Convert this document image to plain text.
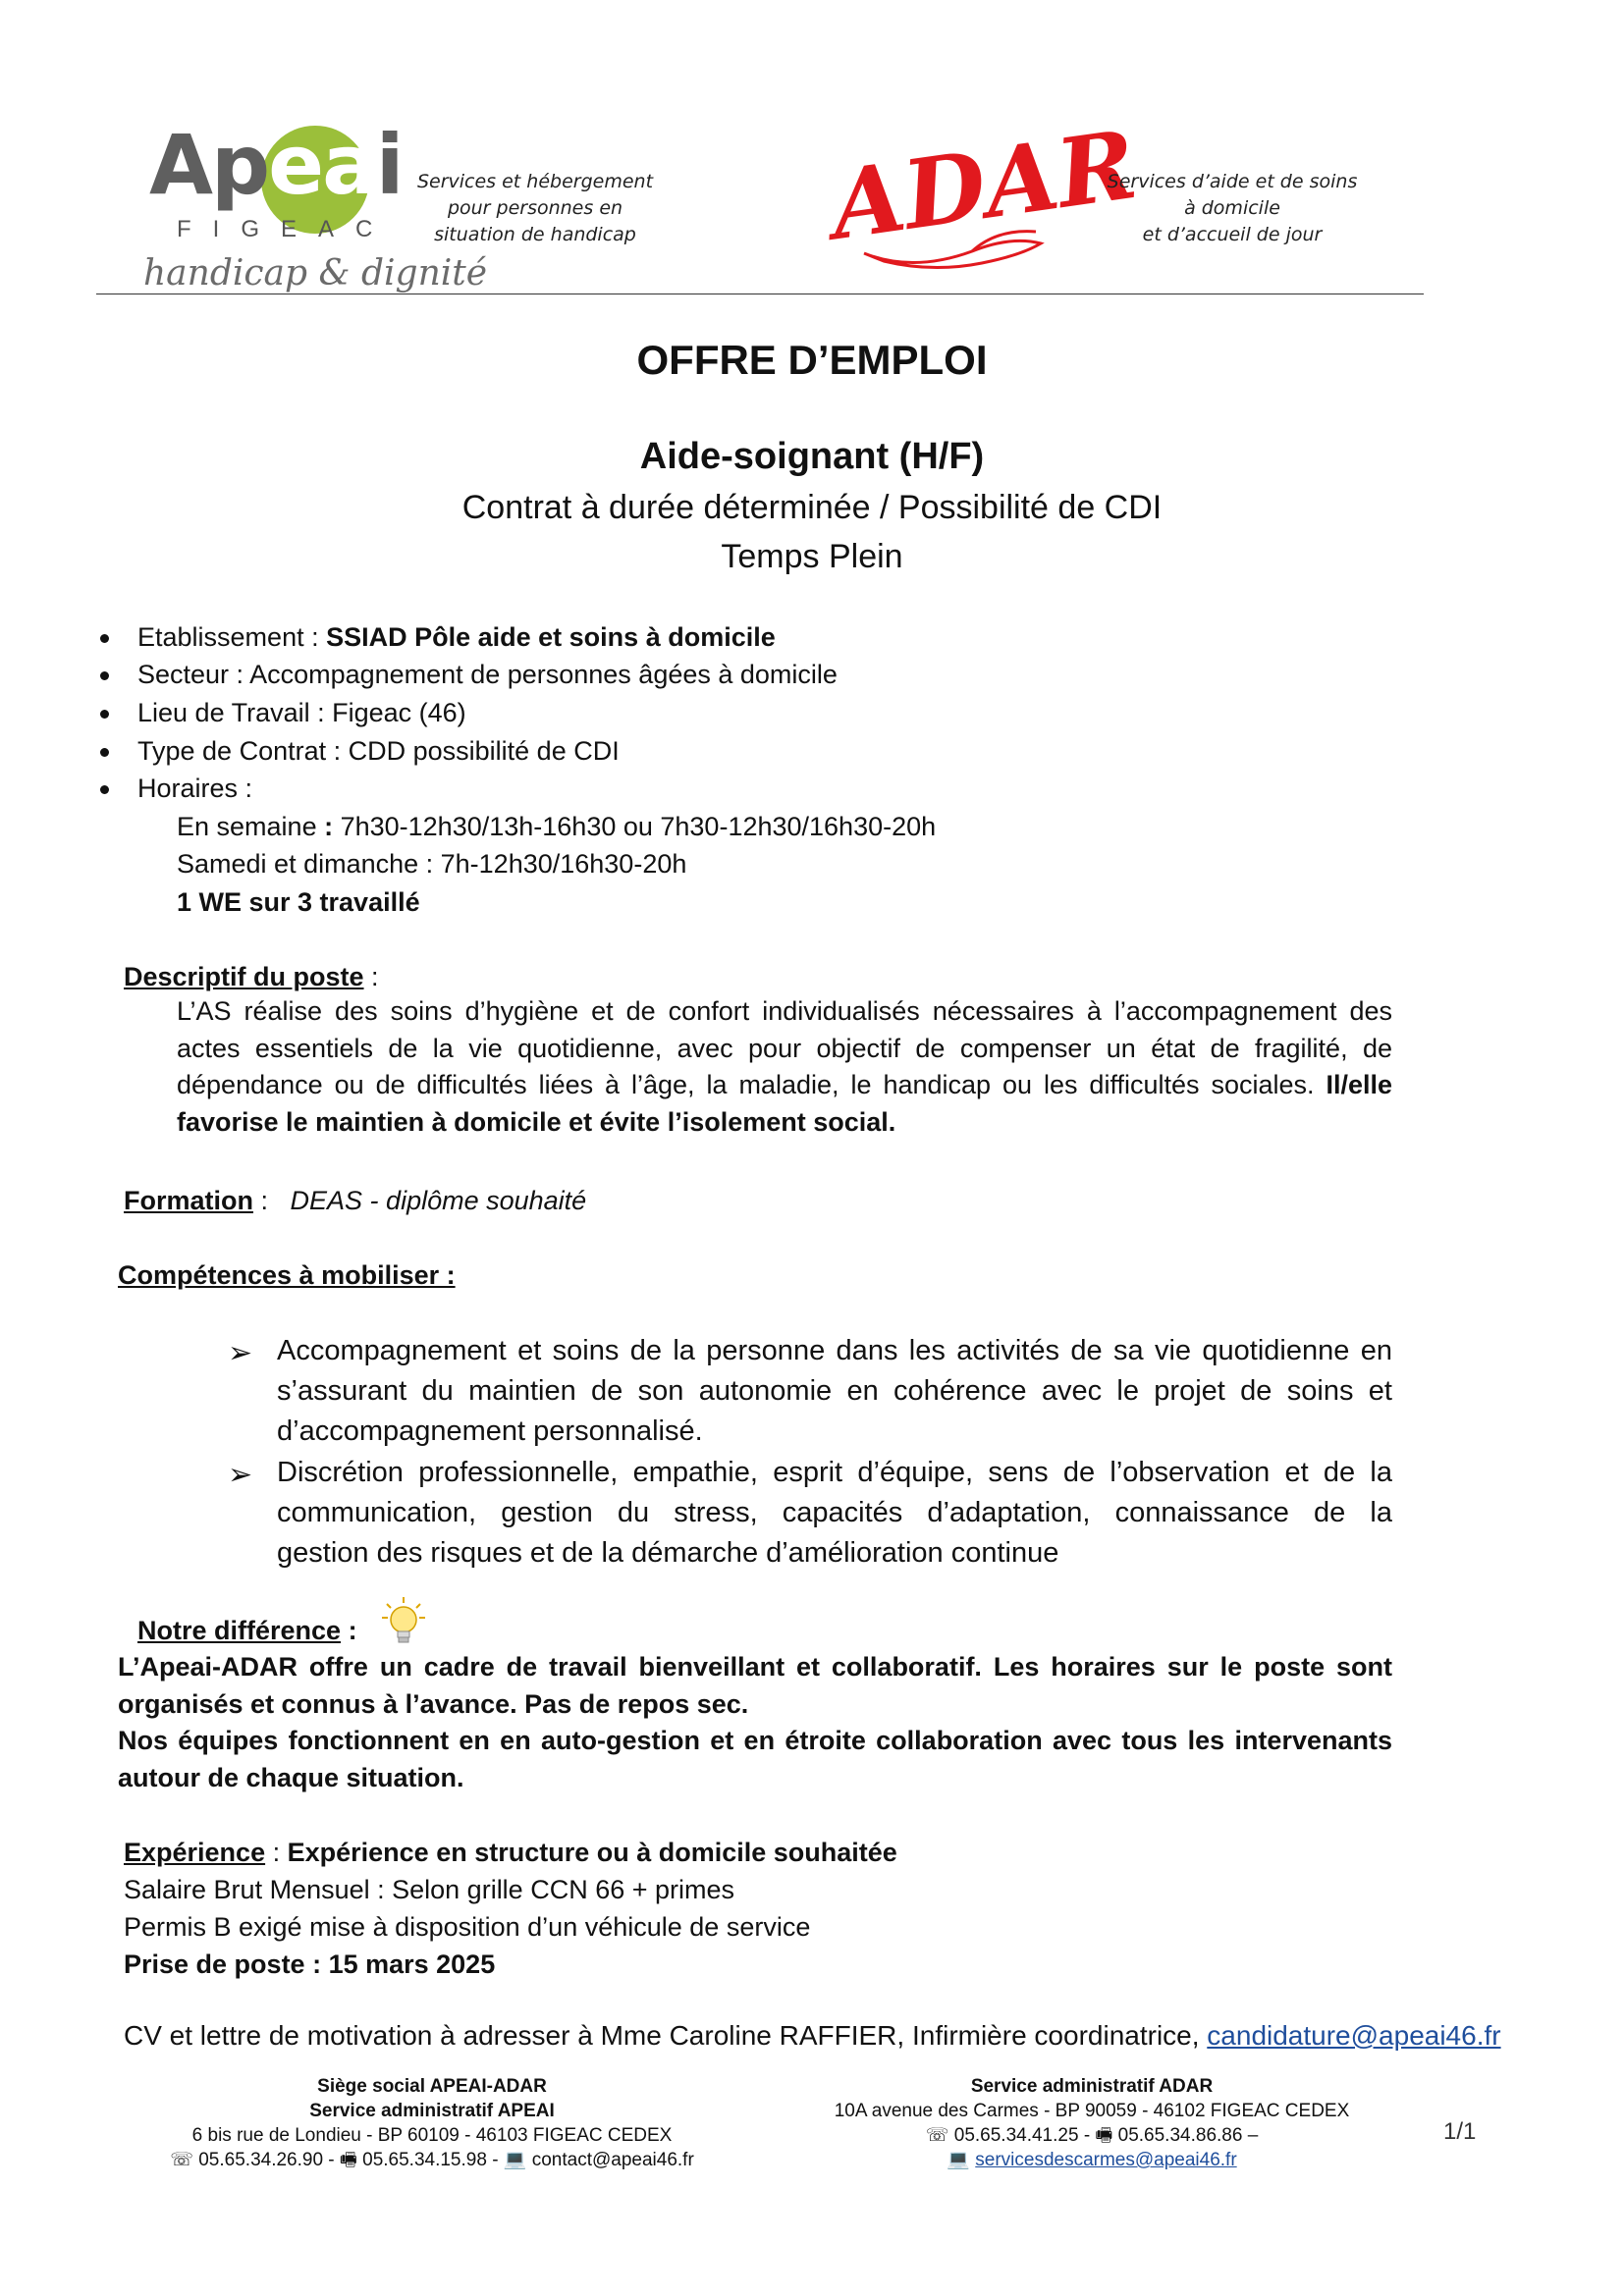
Apeai
FIGEAC
handicap & dignité
Services et hébergement
pour personnes en
situation de handicap	ADAR
Services d’aide et de soins
à domicile
et d’accueil de jour
OFFRE D’EMPLOI
Aide-soignant (H/F)
Contrat à durée déterminée / Possibilité de CDI
Temps Plein
Etablissement : SSIAD Pôle aide et soins à domicile
Secteur : Accompagnement de personnes âgées à domicile
Lieu de Travail : Figeac (46)
Type de Contrat : CDD possibilité de CDI
Horaires :
En semaine : 7h30-12h30/13h-16h30 ou 7h30-12h30/16h30-20h
Samedi et dimanche : 7h-12h30/16h30-20h
1 WE sur 3 travaillé
Descriptif du poste :
L’AS réalise des soins d’hygiène et de confort individualisés nécessaires à l’accompagnement des
actes essentiels de la vie quotidienne, avec pour objectif de compenser un état de fragilité, de
dépendance ou de difficultés liées à l’âge, la maladie, le handicap ou les difficultés sociales. Il/elle
favorise le maintien à domicile et évite l’isolement social.
Formation : DEAS - diplôme souhaité
Compétences à mobiliser :
➢ Accompagnement et soins de la personne dans les activités de sa vie quotidienne en
s’assurant du maintien de son autonomie en cohérence avec le projet de soins et
d’accompagnement personnalisé.
➢ Discrétion professionnelle, empathie, esprit d’équipe, sens de l’observation et de la
communication, gestion du stress, capacités d’adaptation, connaissance de la
gestion des risques et de la démarche d’amélioration continue
Notre différence :
L’Apeai-ADAR offre un cadre de travail bienveillant et collaboratif. Les horaires sur le poste sont
organisés et connus à l’avance. Pas de repos sec.
Nos équipes fonctionnent en en auto-gestion et en étroite collaboration avec tous les intervenants
autour de chaque situation.
Expérience : Expérience en structure ou à domicile souhaitée
Salaire Brut Mensuel : Selon grille CCN 66 + primes
Permis B exigé mise à disposition d’un véhicule de service
Prise de poste : 15 mars 2025
CV et lettre de motivation à adresser à Mme Caroline RAFFIER, Infirmière coordinatrice, candidature@apeai46.fr
Siège social APEAI-ADAR
Service administratif APEAI
6 bis rue de Londieu - BP 60109 - 46103 FIGEAC CEDEX
☏ 05.65.34.26.90 - 🖷 05.65.34.15.98 - 💻 contact@apeai46.fr
Service administratif ADAR
10A avenue des Carmes - BP 90059 - 46102 FIGEAC CEDEX
☏ 05.65.34.41.25 - 🖷 05.65.34.86.86 –
💻 servicesdescarmes@apeai46.fr
1/1
